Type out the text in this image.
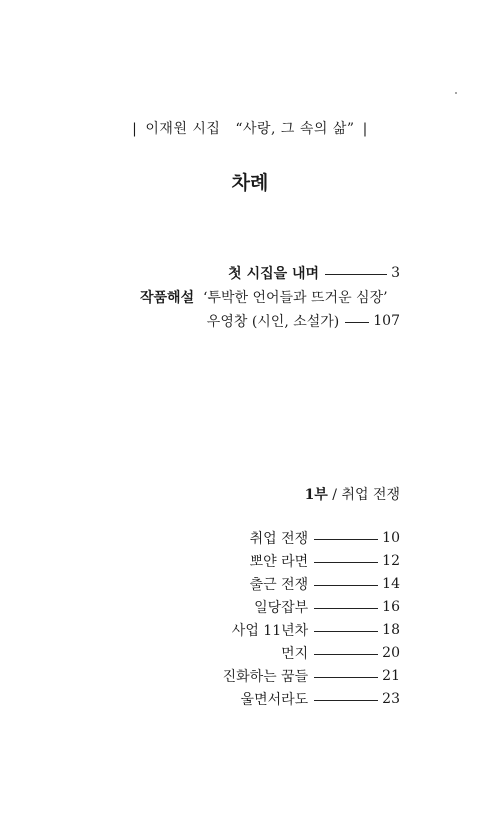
| 이재원 시집 “사랑, 그 속의 삶” |
차례
첫 시집을 내며	3
작품해설 ‘투박한 언어들과 뜨거운 심장’
우영창 (시인, 소설가) 107
1부 / 취업 전쟁
취업 전쟁	10
뽀얀 라면	12
출근 전쟁	14
일당잡부	16
사업 11년차	18
먼지	20
진화하는 꿈들	21
울면서라도	23
